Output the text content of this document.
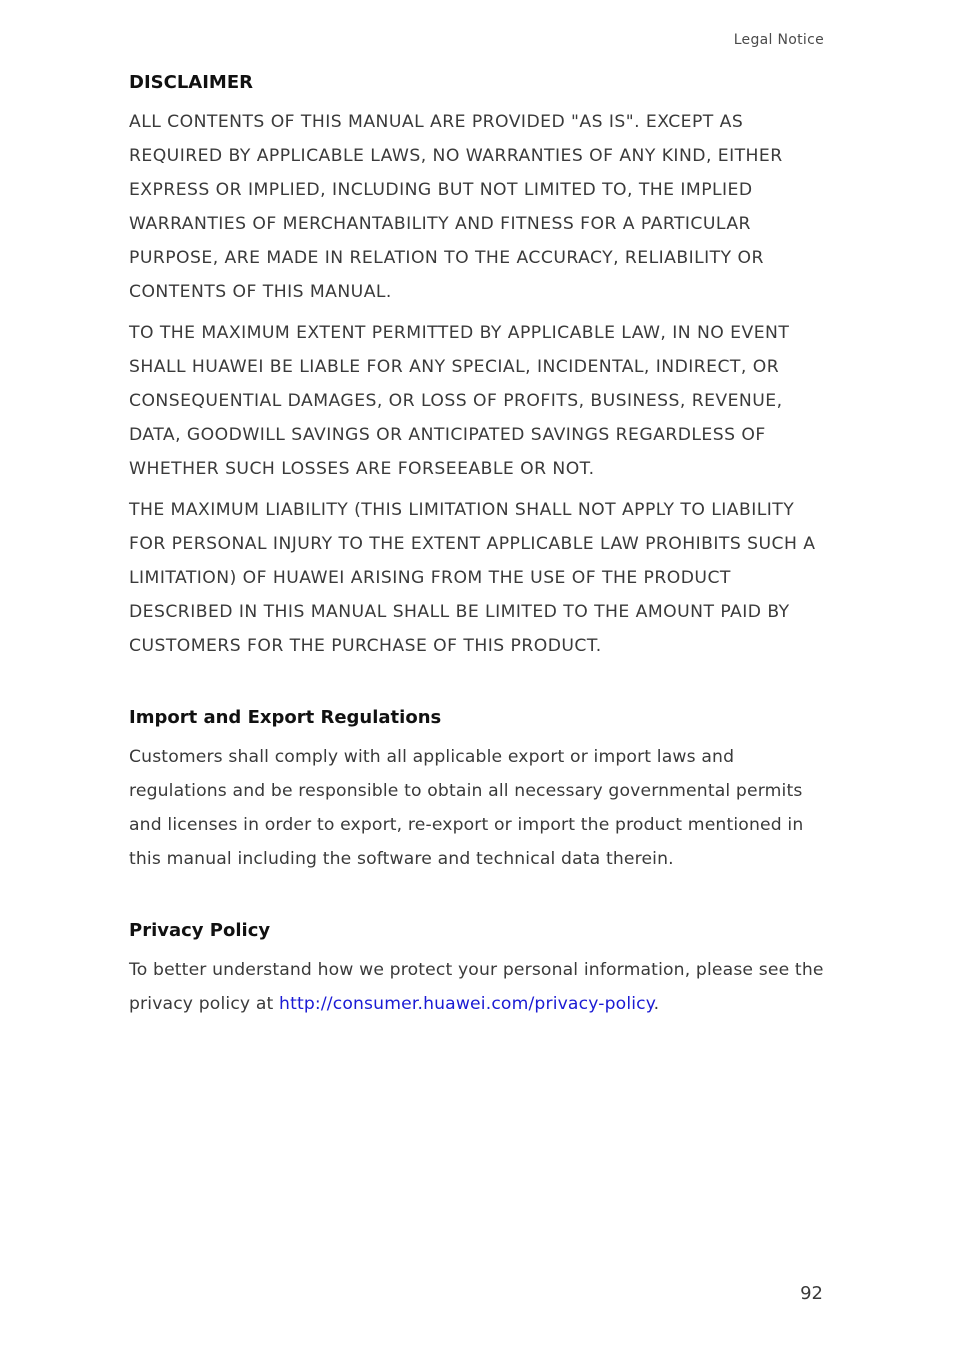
Legal Notice
DISCLAIMER

ALL CONTENTS OF THIS MANUAL ARE PROVIDED "AS IS". EXCEPT AS REQUIRED BY APPLICABLE LAWS, NO WARRANTIES OF ANY KIND, EITHER EXPRESS OR IMPLIED, INCLUDING BUT NOT LIMITED TO, THE IMPLIED WARRANTIES OF MERCHANTABILITY AND FITNESS FOR A PARTICULAR PURPOSE, ARE MADE IN RELATION TO THE ACCURACY, RELIABILITY OR CONTENTS OF THIS MANUAL.

TO THE MAXIMUM EXTENT PERMITTED BY APPLICABLE LAW, IN NO EVENT SHALL HUAWEI BE LIABLE FOR ANY SPECIAL, INCIDENTAL, INDIRECT, OR CONSEQUENTIAL DAMAGES, OR LOSS OF PROFITS, BUSINESS, REVENUE, DATA, GOODWILL SAVINGS OR ANTICIPATED SAVINGS REGARDLESS OF WHETHER SUCH LOSSES ARE FORSEEABLE OR NOT.

THE MAXIMUM LIABILITY (THIS LIMITATION SHALL NOT APPLY TO LIABILITY FOR PERSONAL INJURY TO THE EXTENT APPLICABLE LAW PROHIBITS SUCH A LIMITATION) OF HUAWEI ARISING FROM THE USE OF THE PRODUCT DESCRIBED IN THIS MANUAL SHALL BE LIMITED TO THE AMOUNT PAID BY CUSTOMERS FOR THE PURCHASE OF THIS PRODUCT.

Import and Export Regulations

Customers shall comply with all applicable export or import laws and regulations and be responsible to obtain all necessary governmental permits and licenses in order to export, re-export or import the product mentioned in this manual including the software and technical data therein.

Privacy Policy

To better understand how we protect your personal information, please see the privacy policy at http://consumer.huawei.com/privacy-policy.

92
